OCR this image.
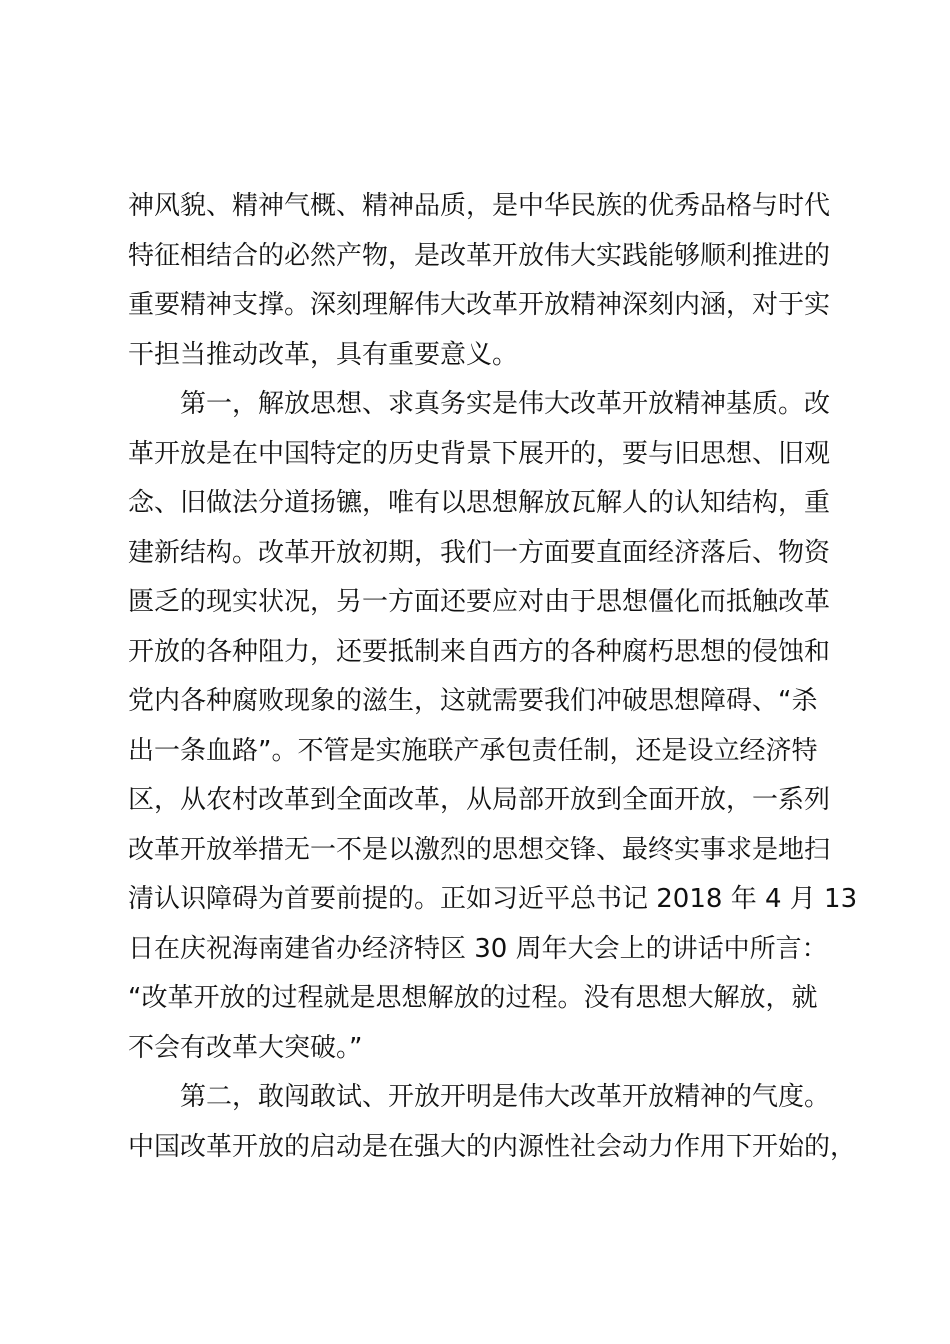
神风貌、精神气概、精神品质，是中华民族的优秀品格与时代
特征相结合的必然产物，是改革开放伟大实践能够顺利推进的
重要精神支撑。深刻理解伟大改革开放精神深刻内涵，对于实
干担当推动改革，具有重要意义。
第一，解放思想、求真务实是伟大改革开放精神基质。改
革开放是在中国特定的历史背景下展开的，要与旧思想、旧观
念、旧做法分道扬镳，唯有以思想解放瓦解人的认知结构，重
建新结构。改革开放初期，我们一方面要直面经济落后、物资
匮乏的现实状况，另一方面还要应对由于思想僵化而抵触改革
开放的各种阻力，还要抵制来自西方的各种腐朽思想的侵蚀和
党内各种腐败现象的滋生，这就需要我们冲破思想障碍、“杀
出一条血路”。不管是实施联产承包责任制，还是设立经济特
区，从农村改革到全面改革，从局部开放到全面开放，一系列
改革开放举措无一不是以激烈的思想交锋、最终实事求是地扫
清认识障碍为首要前提的。正如习近平总书记 2018 年 4 月 13
日在庆祝海南建省办经济特区 30 周年大会上的讲话中所言：
“改革开放的过程就是思想解放的过程。没有思想大解放，就
不会有改革大突破。”
第二，敢闯敢试、开放开明是伟大改革开放精神的气度。
中国改革开放的启动是在强大的内源性社会动力作用下开始的，
